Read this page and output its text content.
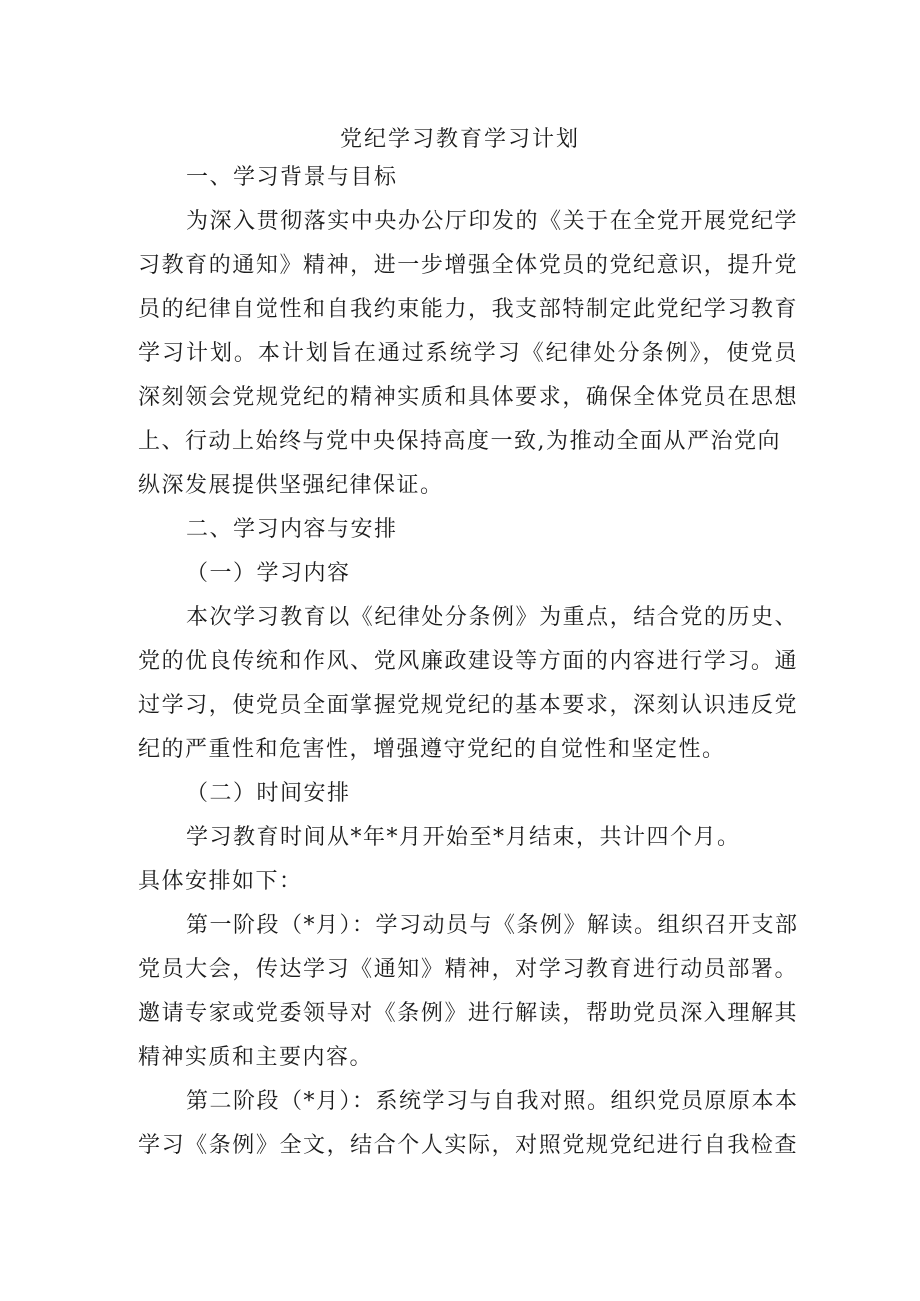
党纪学习教育学习计划
一、学习背景与目标
为深入贯彻落实中央办公厅印发的《关于在全党开展党纪学
习教育的通知》精神，进一步增强全体党员的党纪意识，提升党
员的纪律自觉性和自我约束能力，我支部特制定此党纪学习教育
学习计划。本计划旨在通过系统学习《纪律处分条例》，使党员
深刻领会党规党纪的精神实质和具体要求，确保全体党员在思想
上、行动上始终与党中央保持高度一致,为推动全面从严治党向
纵深发展提供坚强纪律保证。
二、学习内容与安排
（一）学习内容
本次学习教育以《纪律处分条例》为重点，结合党的历史、
党的优良传统和作风、党风廉政建设等方面的内容进行学习。通
过学习，使党员全面掌握党规党纪的基本要求，深刻认识违反党
纪的严重性和危害性，增强遵守党纪的自觉性和坚定性。
（二）时间安排
学习教育时间从*年*月开始至*月结束，共计四个月。
具体安排如下：
第一阶段（*月）：学习动员与《条例》解读。组织召开支部
党员大会，传达学习《通知》精神，对学习教育进行动员部署。
邀请专家或党委领导对《条例》进行解读，帮助党员深入理解其
精神实质和主要内容。
第二阶段（*月）：系统学习与自我对照。组织党员原原本本
学习《条例》全文，结合个人实际，对照党规党纪进行自我检查
